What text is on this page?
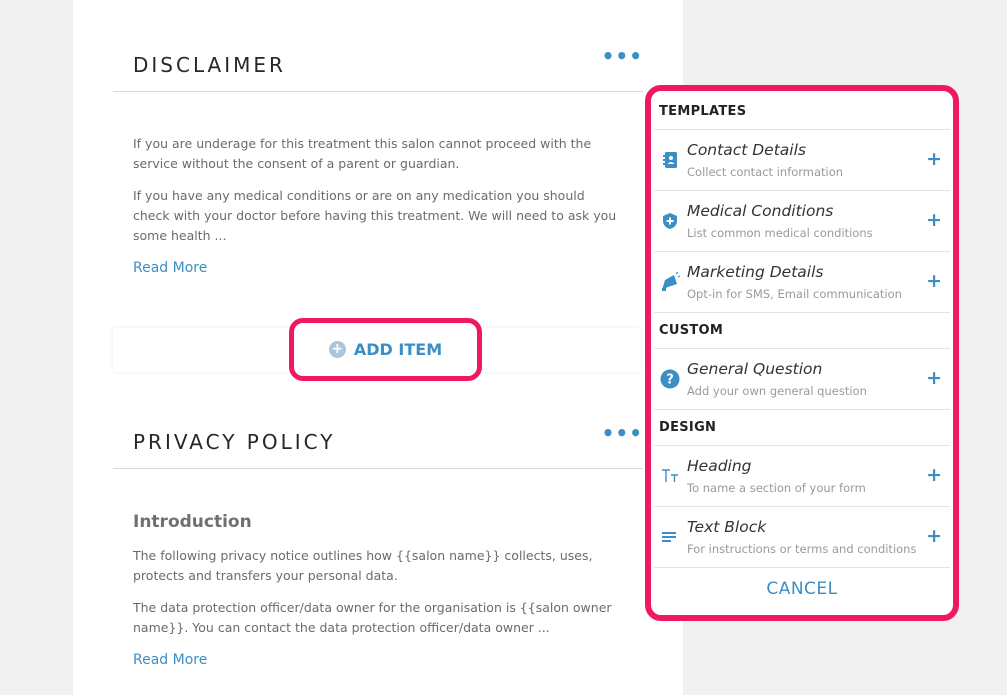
DISCLAIMER	•••

If you are underage for this treatment this salon cannot proceed with the service without the consent of a parent or guardian.

If you have any medical conditions or are on any medication you should check with your doctor before having this treatment. We will need to ask you some health ...

Read More
PRIVACY POLICY	•••
Introduction

The following privacy notice outlines how {{salon name}} collects, uses, protects and transfers your personal data.

The data protection officer/data owner for the organisation is {{salon owner name}}. You can contact the data protection officer/data owner ...

Read More
+ ADD ITEM
TEMPLATES
Contact Details
Collect contact information
+
Medical Conditions
List common medical conditions
+
Marketing Details
Opt-in for SMS, Email communication
+
CUSTOM
?
General Question
Add your own general question
+
DESIGN
Heading
To name a section of your form
+
Text Block
For instructions or terms and conditions
+
CANCEL
